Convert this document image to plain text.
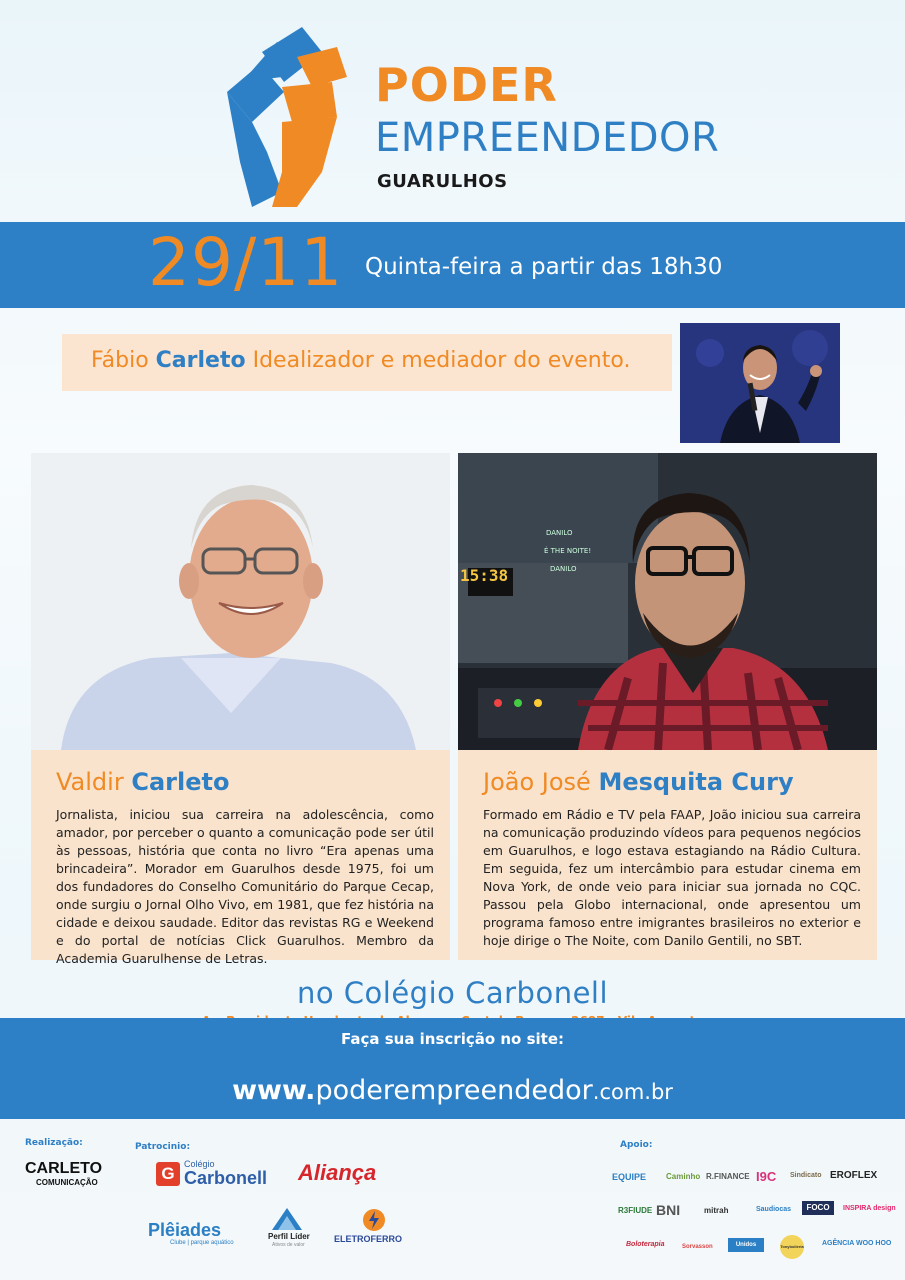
PODER
EMPREENDEDOR
GUARULHOS
29/11 Quinta-feira a partir das 18h30
Fábio Carleto Idealizador e mediador do evento.
15:38
DANILO
É THE NOITE!
DANILO
Valdir Carleto
Jornalista, iniciou sua carreira na adolescência, como amador, por perceber o quanto a comunicação pode ser útil às pessoas, história que conta no livro “Era apenas uma brincadeira”. Morador em Guarulhos desde 1975, foi um dos fundadores do Conselho Comunitário do Parque Cecap, onde surgiu o Jornal Olho Vivo, em 1981, que fez história na cidade e deixou saudade. Editor das revistas RG e Weekend e do portal de notícias Click Guarulhos. Membro da Academia Guarulhense de Letras.
João José Mesquita Cury
Formado em Rádio e TV pela FAAP, João iniciou sua carreira na comunicação produzindo vídeos para pequenos negócios em Guarulhos, e logo estava estagiando na Rádio Cultura. Em seguida, fez um intercâmbio para estudar cinema em Nova York, de onde veio para iniciar sua jornada no CQC. Passou pela Globo internacional, onde apresentou um programa famoso entre imigrantes brasileiros no exterior e hoje dirige o The Noite, com Danilo Gentili, no SBT.
no Colégio Carbonell
Faça sua inscrição no site:
www.poderempreendedor.com.br
Realização:	Patrocinio:	Apoio:
CARLETO
COMUNICAÇÃO	G	Colégio
Carbonell Aliança
Plêiades
Clube | parque aquático
Perfil Líder
Ativos de valor
ELETROFERRO
EQUIPE Caminho R.FINANCE I9C Sindicato EROFLEX
R3FIUDE BNI	mitrah	Saudiocas	FOCO	INSPIRA design
Boloterapia	Sorvasson	Unidos	Tonybolleria	AGÊNCIA WOO HOO
